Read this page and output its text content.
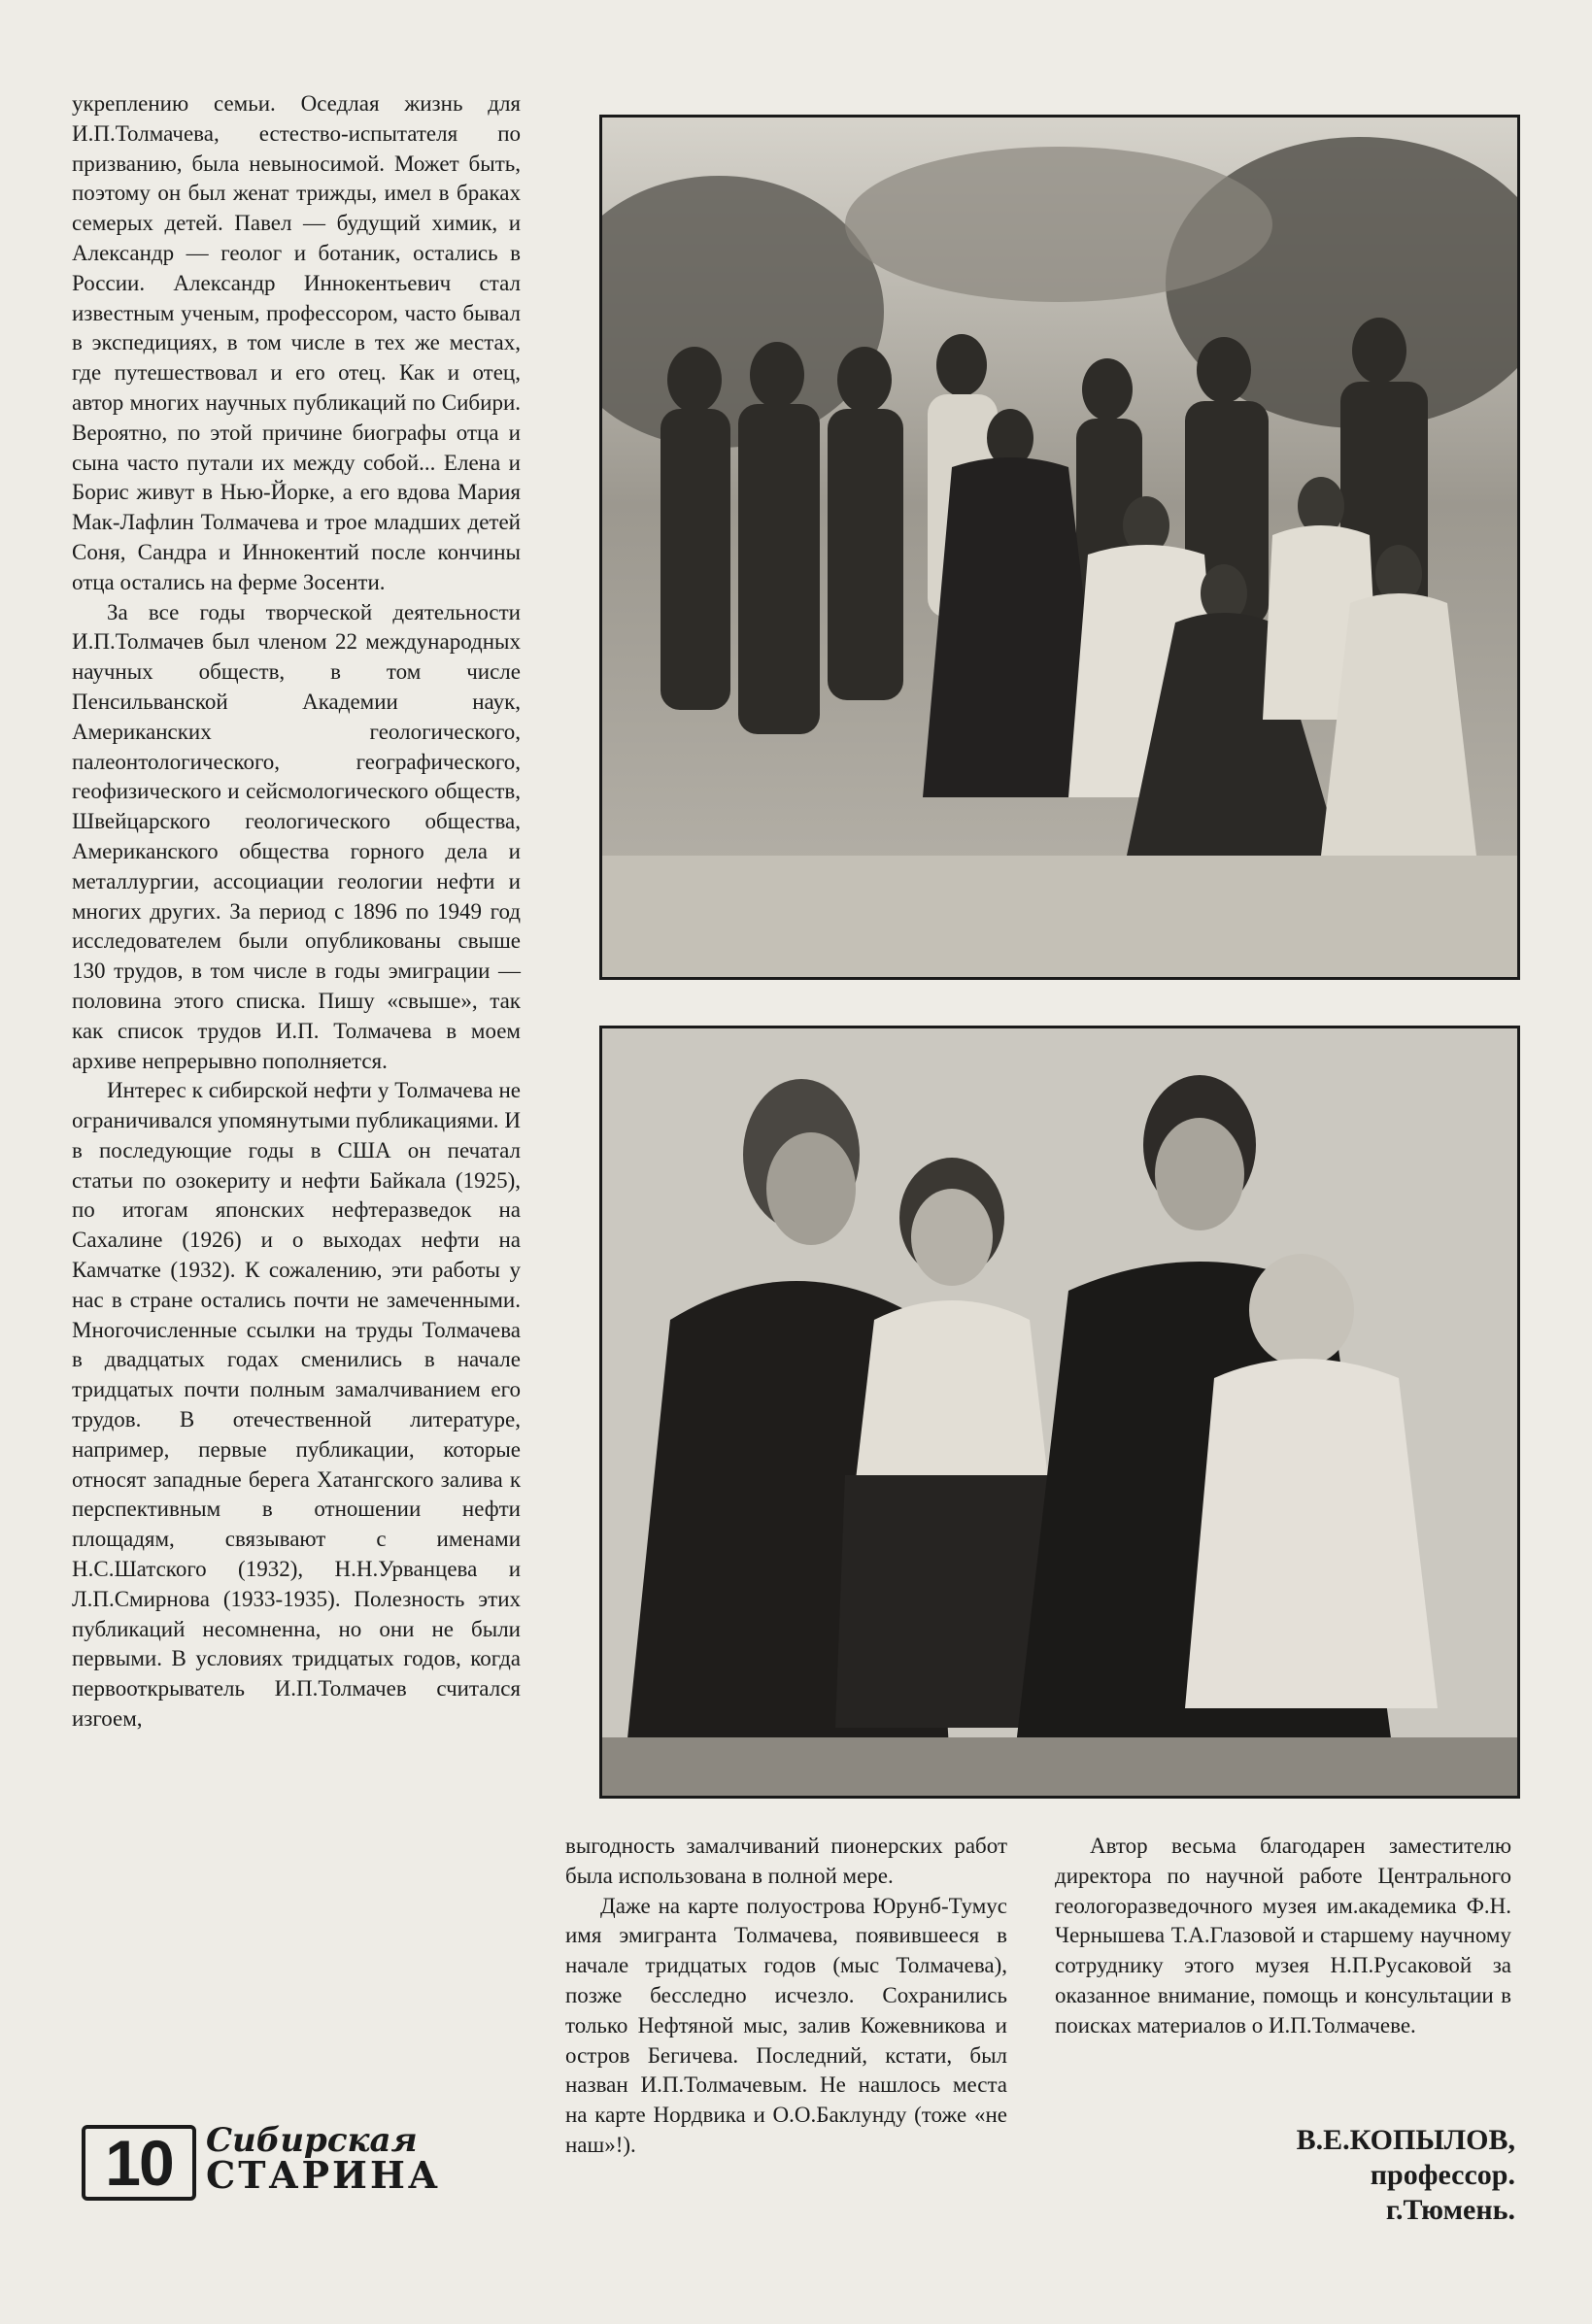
укреплению семьи. Оседлая жизнь для И.П.Толмачева, естество-испытателя по призванию, была невыносимой. Может быть, поэтому он был женат трижды, имел в браках семерых детей. Павел — будущий химик, и Александр — геолог и ботаник, остались в России. Александр Иннокентьевич стал известным ученым, профессором, часто бывал в экспедициях, в том числе в тех же местах, где путешествовал и его отец. Как и отец, автор многих научных публикаций по Сибири. Вероятно, по этой причине биографы отца и сына часто путали их между собой... Елена и Борис живут в Нью-Йорке, а его вдова Мария Мак-Лафлин Толмачева и трое младших детей Соня, Сандра и Иннокентий после кончины отца остались на ферме Зосенти.

За все годы творческой деятельности И.П.Толмачев был членом 22 международных научных обществ, в том числе Пенсильванской Академии наук, Американских геологического, палеонтологического, географического, геофизического и сейсмологического обществ, Швейцарского геологического общества, Американского общества горного дела и металлургии, ассоциации геологии нефти и многих других. За период с 1896 по 1949 год исследователем были опубликованы свыше 130 трудов, в том числе в годы эмиграции — половина этого списка. Пишу «свыше», так как список трудов И.П. Толмачева в моем архиве непрерывно пополняется.

Интерес к сибирской нефти у Толмачева не ограничивался упомянутыми публикациями. И в последующие годы в США он печатал статьи по озокериту и нефти Байкала (1925), по итогам японских нефтеразведок на Сахалине (1926) и о выходах нефти на Камчатке (1932). К сожалению, эти работы у нас в стране остались почти не замеченными. Многочисленные ссылки на труды Толмачева в двадцатых годах сменились в начале тридцатых почти полным замалчиванием его трудов. В отечественной литературе, например, первые публикации, которые относят западные берега Хатангского залива к перспективным в отношении нефти площадям, связывают с именами Н.С.Шатского (1932), Н.Н.Урванцева и Л.П.Смирнова (1933-1935). Полезность этих публикаций несомненна, но они не были первыми. В условиях тридцатых годов, когда первооткрыватель И.П.Толмачев считался изгоем,

выгодность замалчиваний пионерских работ была использована в полной мере.

Даже на карте полуострова Юрунб-Тумус имя эмигранта Толмачева, появившееся в начале тридцатых годов (мыс Толмачева), позже бесследно исчезло. Сохранились только Нефтяной мыс, залив Кожевникова и остров Бегичева. Последний, кстати, был назван И.П.Толмачевым. Не нашлось места на карте Нордвика и О.О.Баклунду (тоже «не наш»!).

Автор весьма благодарен заместителю директора по научной работе Центрального геологоразведочного музея им.академика Ф.Н. Чернышева Т.А.Глазовой и старшему научному сотруднику этого музея Н.П.Русаковой за оказанное внимание, помощь и консультации в поисках материалов о И.П.Толмачеве.

В.Е.КОПЫЛОВ,
профессор.
г.Тюмень.
10	Сибирская
СТАРИНА
